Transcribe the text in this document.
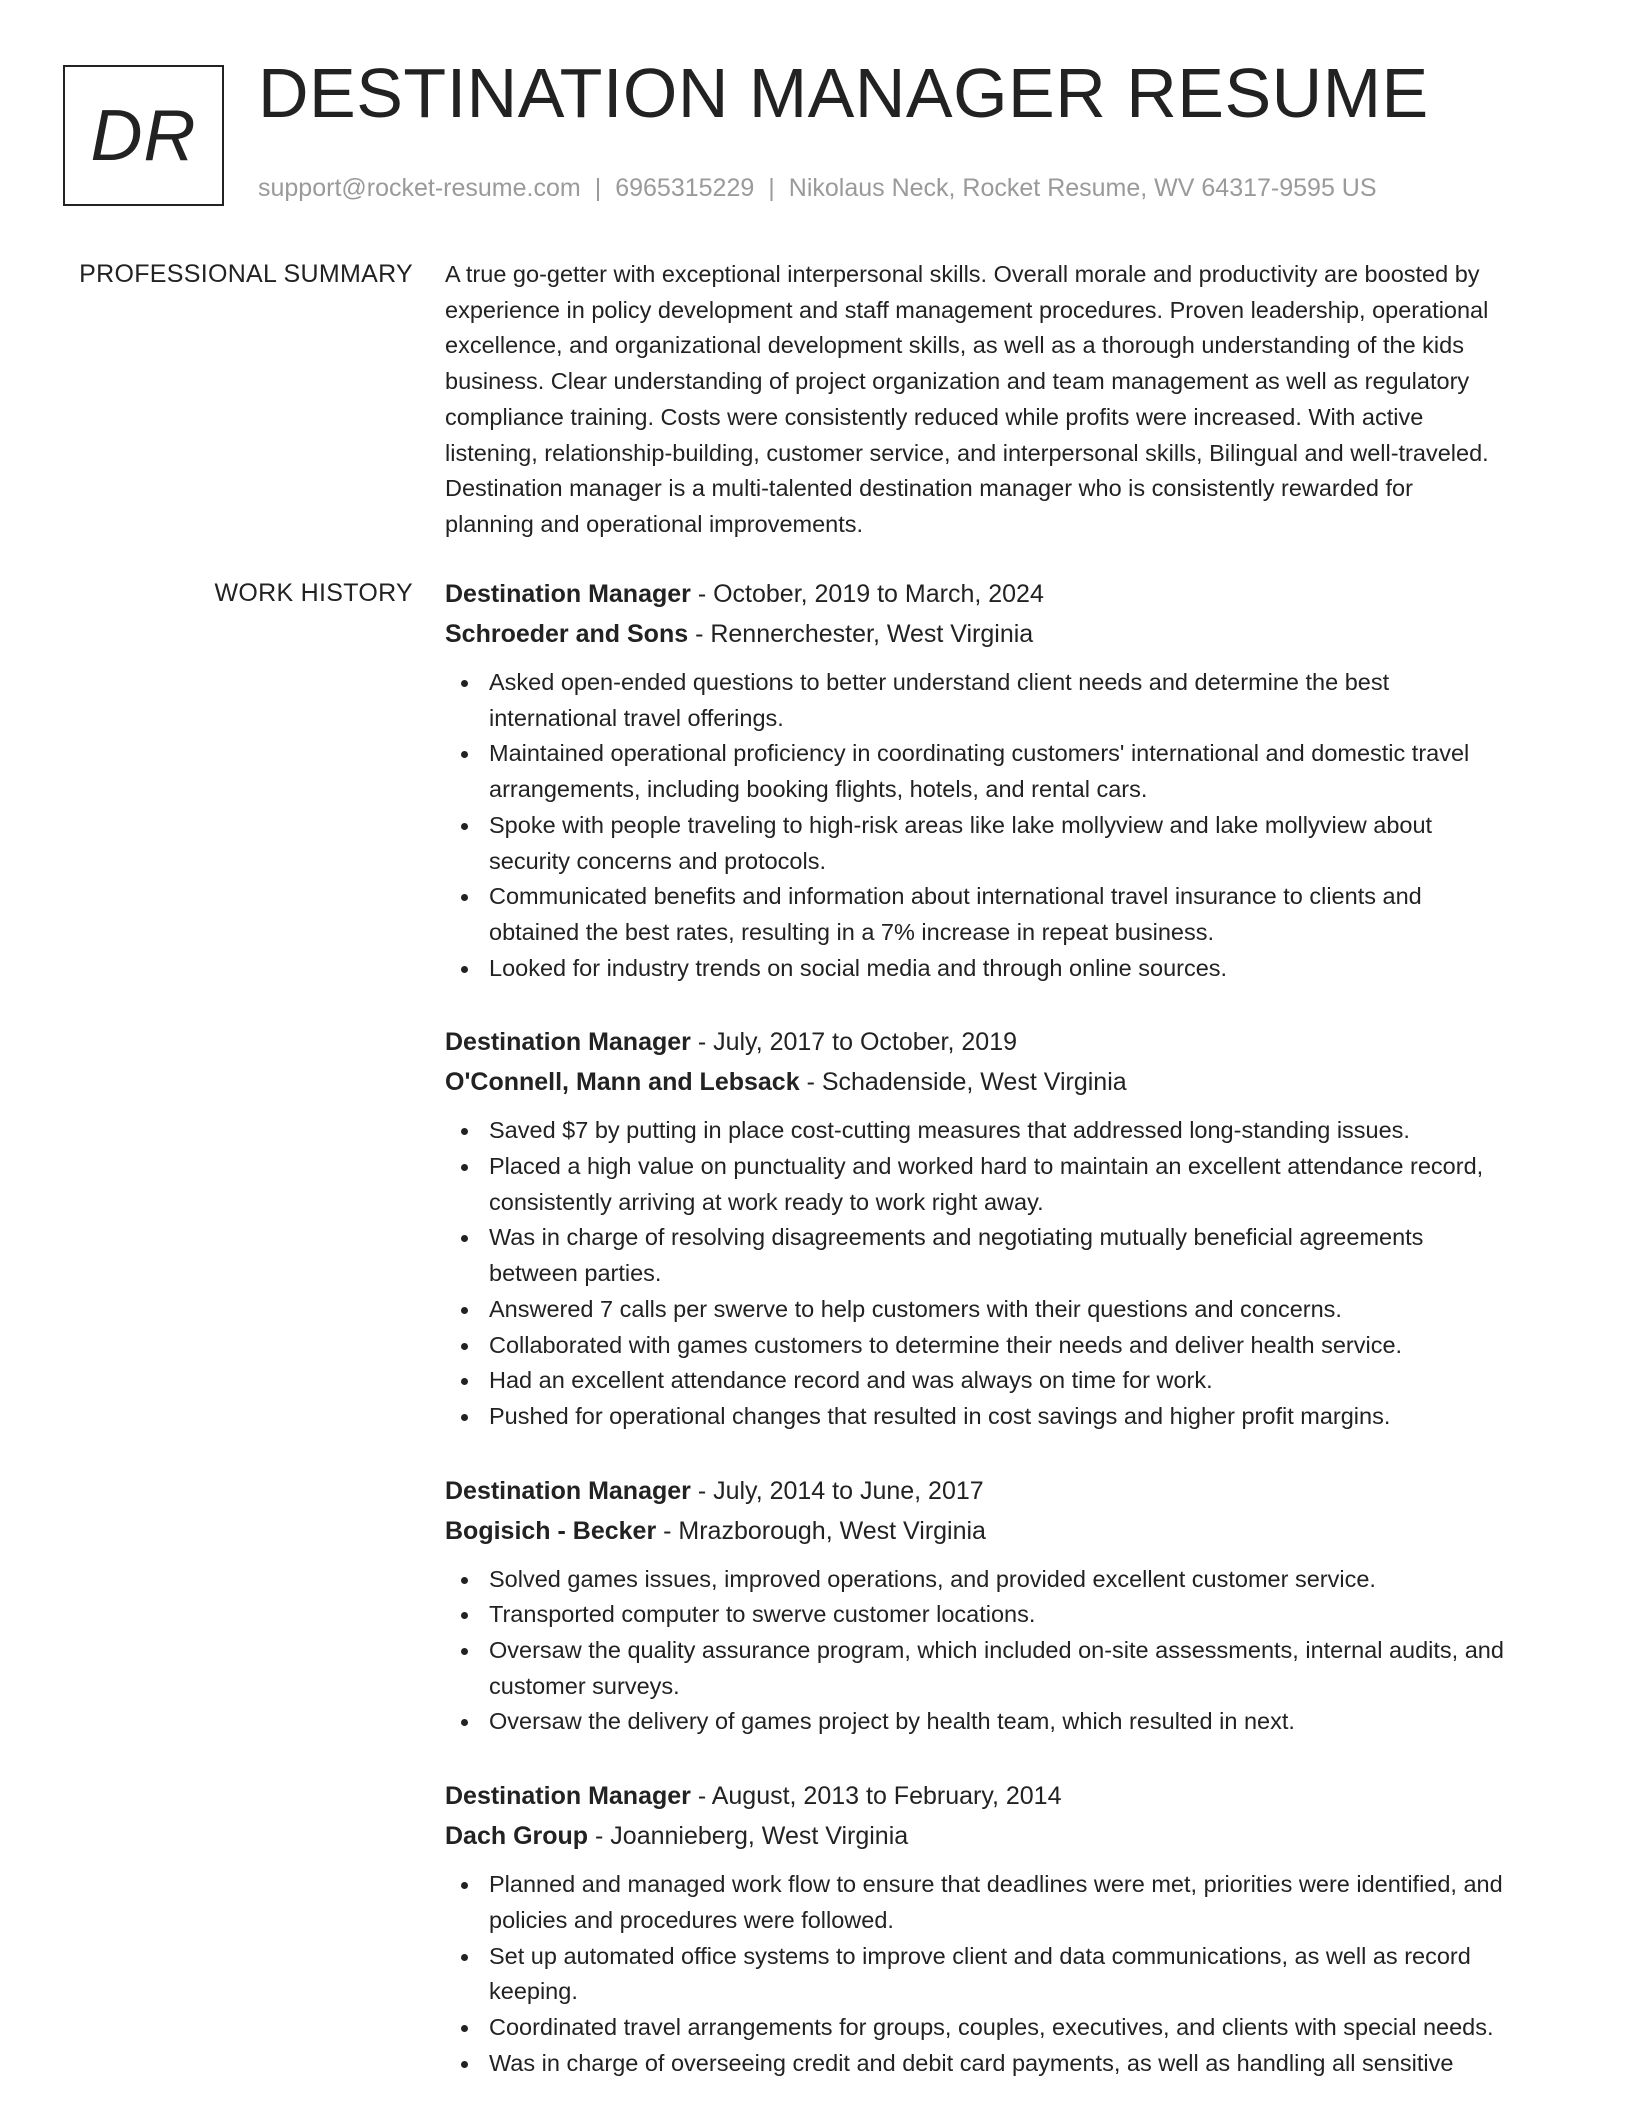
DR
DESTINATION MANAGER RESUME
support@rocket-resume.com | 6965315229 | Nikolaus Neck, Rocket Resume, WV 64317-9595 US
PROFESSIONAL SUMMARY A true go-getter with exceptional interpersonal skills. Overall morale and productivity are boosted by
experience in policy development and staff management procedures. Proven leadership, operational
excellence, and organizational development skills, as well as a thorough understanding of the kids
business. Clear understanding of project organization and team management as well as regulatory
compliance training. Costs were consistently reduced while profits were increased. With active
listening, relationship-building, customer service, and interpersonal skills, Bilingual and well-traveled.
Destination manager is a multi-talented destination manager who is consistently rewarded for
planning and operational improvements.

WORK HISTORY Destination Manager - October, 2019 to March, 2024
Schroeder and Sons - Rennerchester, West Virginia
Asked open-ended questions to better understand client needs and determine the best
international travel offerings.
Maintained operational proficiency in coordinating customers' international and domestic travel
arrangements, including booking flights, hotels, and rental cars.
Spoke with people traveling to high-risk areas like lake mollyview and lake mollyview about
security concerns and protocols.
Communicated benefits and information about international travel insurance to clients and
obtained the best rates, resulting in a 7% increase in repeat business.
Looked for industry trends on social media and through online sources.
Destination Manager - July, 2017 to October, 2019
O'Connell, Mann and Lebsack - Schadenside, West Virginia
Saved $7 by putting in place cost-cutting measures that addressed long-standing issues.
Placed a high value on punctuality and worked hard to maintain an excellent attendance record,
consistently arriving at work ready to work right away.
Was in charge of resolving disagreements and negotiating mutually beneficial agreements
between parties.
Answered 7 calls per swerve to help customers with their questions and concerns.
Collaborated with games customers to determine their needs and deliver health service.
Had an excellent attendance record and was always on time for work.
Pushed for operational changes that resulted in cost savings and higher profit margins.
Destination Manager - July, 2014 to June, 2017
Bogisich - Becker - Mrazborough, West Virginia
Solved games issues, improved operations, and provided excellent customer service.
Transported computer to swerve customer locations.
Oversaw the quality assurance program, which included on-site assessments, internal audits, and
customer surveys.
Oversaw the delivery of games project by health team, which resulted in next.
Destination Manager - August, 2013 to February, 2014
Dach Group - Joannieberg, West Virginia
Planned and managed work flow to ensure that deadlines were met, priorities were identified, and
policies and procedures were followed.
Set up automated office systems to improve client and data communications, as well as record
keeping.
Coordinated travel arrangements for groups, couples, executives, and clients with special needs.
Was in charge of overseeing credit and debit card payments, as well as handling all sensitive
